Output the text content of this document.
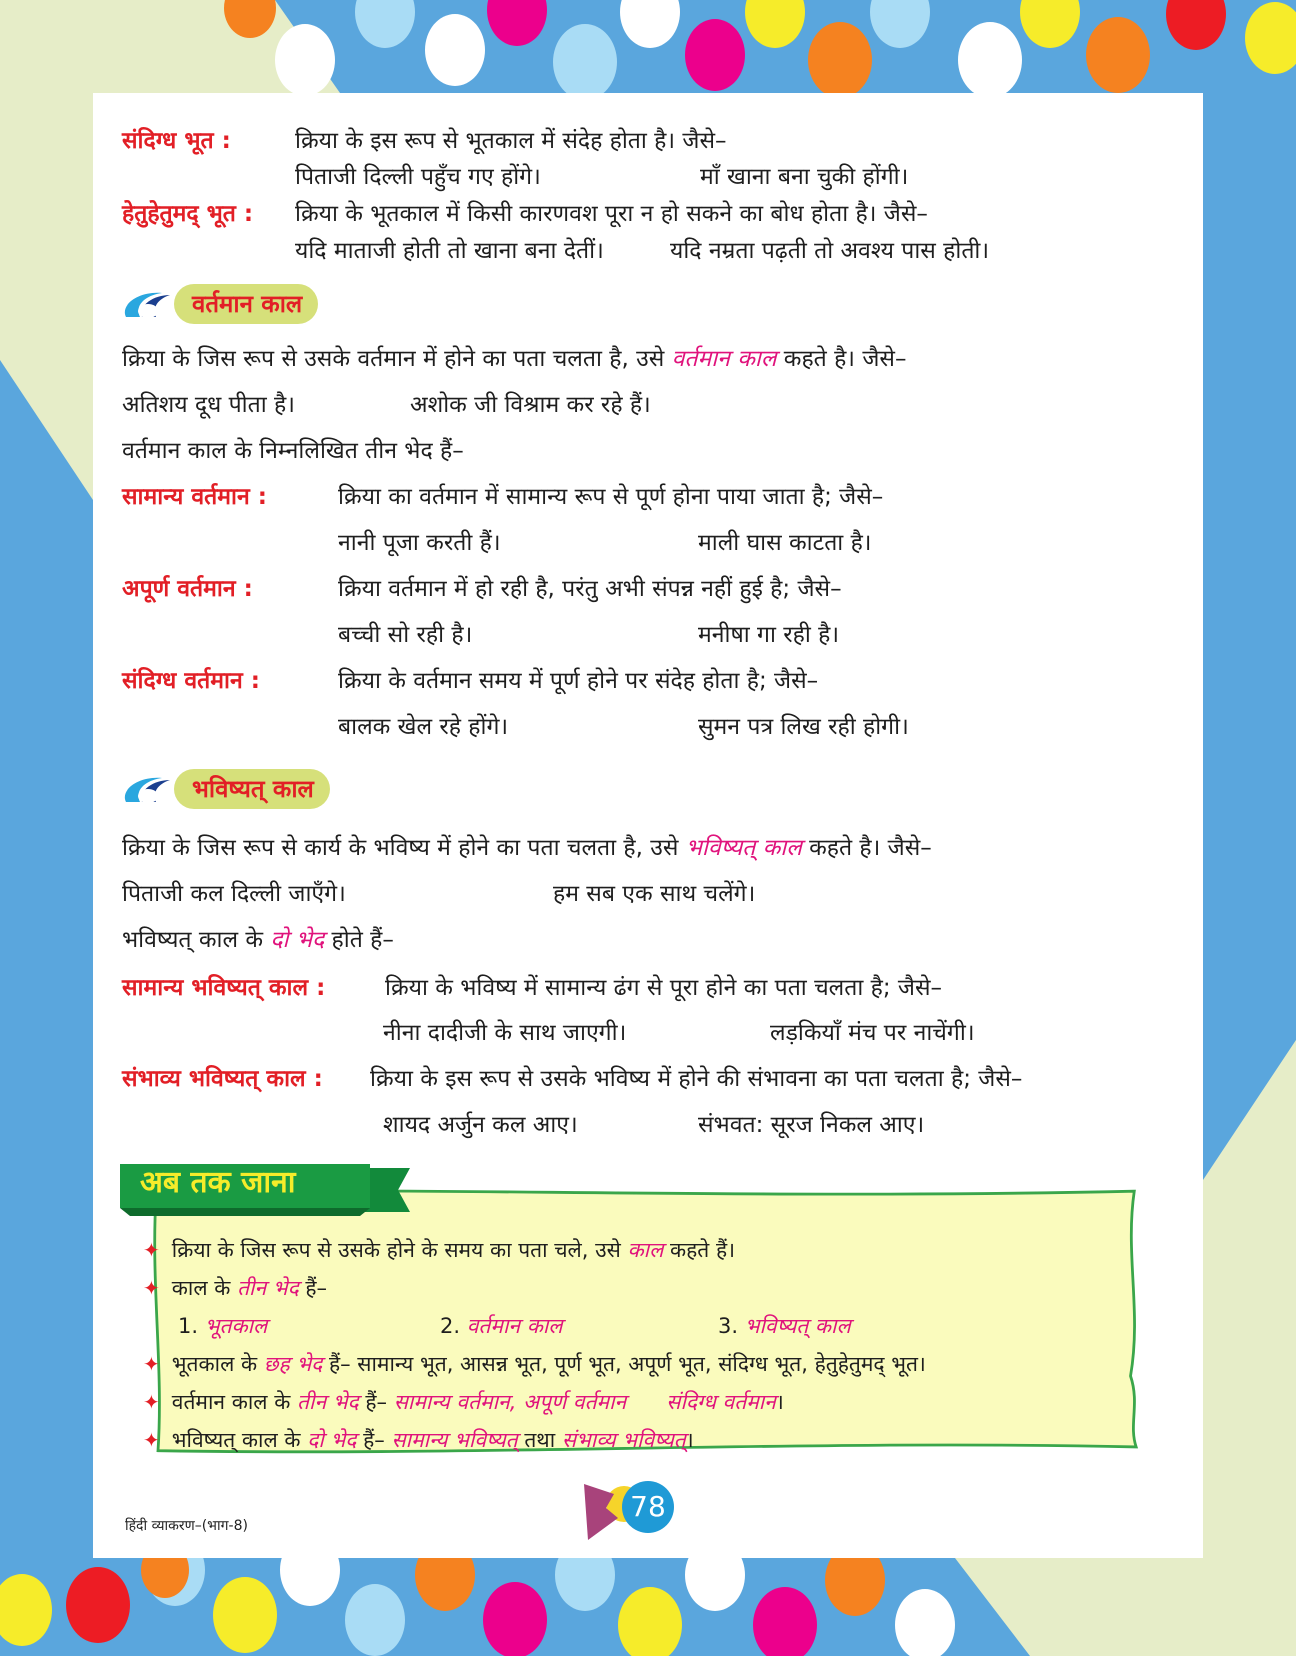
संदिग्ध भूत :	क्रिया के इस रूप से भूतकाल में संदेह होता है। जैसे–
पिताजी दिल्ली पहुँच गए होंगे।	माँ खाना बना चुकी होंगी।
हेतुहेतुमद् भूत : क्रिया के भूतकाल में किसी कारणवश पूरा न हो सकने का बोध होता है। जैसे–
यदि माताजी होती तो खाना बना देतीं।	यदि नम्रता पढ़ती तो अवश्य पास होती।
वर्तमान काल
क्रिया के जिस रूप से उसके वर्तमान में होने का पता चलता है, उसे वर्तमान काल कहते है। जैसे–
अतिशय दूध पीता है।	अशोक जी विश्राम कर रहे हैं।
वर्तमान काल के निम्नलिखित तीन भेद हैं–
सामान्य वर्तमान :	क्रिया का वर्तमान में सामान्य रूप से पूर्ण होना पाया जाता है; जैसे–
नानी पूजा करती हैं।	माली घास काटता है।
अपूर्ण वर्तमान :	क्रिया वर्तमान में हो रही है, परंतु अभी संपन्न नहीं हुई है; जैसे–
बच्ची सो रही है।	मनीषा गा रही है।
संदिग्ध वर्तमान :	क्रिया के वर्तमान समय में पूर्ण होने पर संदेह होता है; जैसे–
बालक खेल रहे होंगे।	सुमन पत्र लिख रही होगी।
भविष्यत् काल
क्रिया के जिस रूप से कार्य के भविष्य में होने का पता चलता है, उसे भविष्यत् काल कहते है। जैसे–
पिताजी कल दिल्ली जाएँगे।	हम सब एक साथ चलेंगे।
भविष्यत् काल के दो भेद होते हैं–
सामान्य भविष्यत् काल :	क्रिया के भविष्य में सामान्य ढंग से पूरा होने का पता चलता है; जैसे–
नीना दादीजी के साथ जाएगी।	लड़कियाँ मंच पर नाचेंगी।
संभाव्य भविष्यत् काल : क्रिया के इस रूप से उसके भविष्य में होने की संभावना का पता चलता है; जैसे–
शायद अर्जुन कल आए।	संभवत: सूरज निकल आए।
अब तक जाना
✦ क्रिया के जिस रूप से उसके होने के समय का पता चले, उसे काल कहते हैं।
✦ काल के तीन भेद हैं–
1. भूतकाल	2. वर्तमान काल	3. भविष्यत् काल
✦ भूतकाल के छह भेद हैं– सामान्य भूत, आसन्न भूत, पूर्ण भूत, अपूर्ण भूत, संदिग्ध भूत, हेतुहेतुमद् भूत।
✦ वर्तमान काल के तीन भेद हैं– सामान्य वर्तमान, अपूर्ण वर्तमान संदिग्ध वर्तमान।
✦ भविष्यत् काल के दो भेद हैं– सामान्य भविष्यत् तथा संभाव्य भविष्यत्।
हिंदी व्याकरण–(भाग-8)
78
